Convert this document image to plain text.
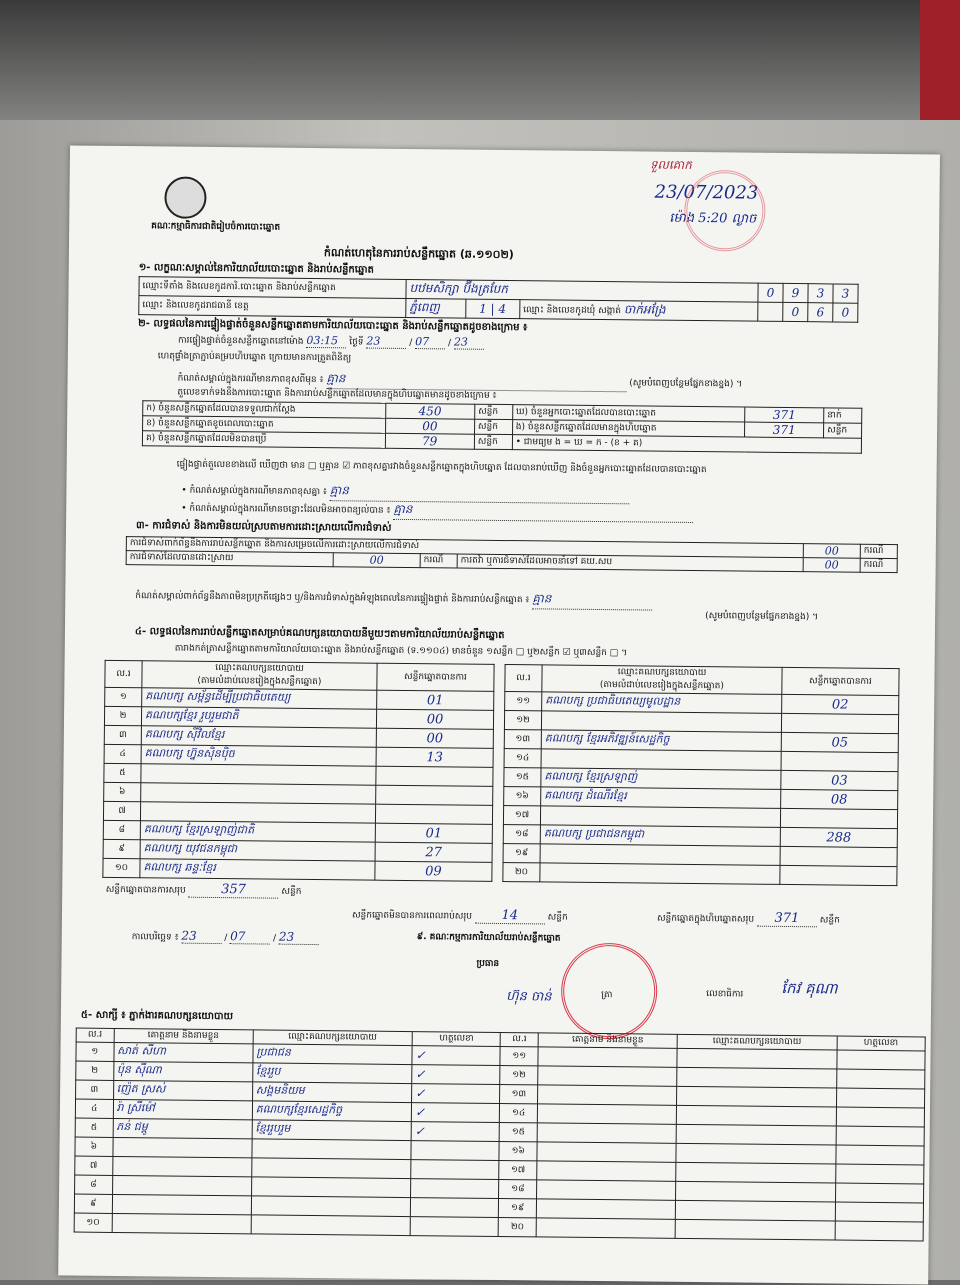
គណៈកម្មាធិការជាតិរៀបចំការបោះឆ្នោត
កំណត់ហេតុនៃការរាប់សន្លឹកឆ្នោត (ឆ.១១០២)
ទួលគោក
23/07/2023
ម៉ោង 5:20 ល្ងាច
១- លក្ខណៈសម្គាល់នៃការិយាល័យបោះឆ្នោត និងរាប់សន្លឹកឆ្នោត
ឈ្មោះទីតាំង និងលេខកូដការិ.បោះឆ្នោត និងរាប់សន្លឹកឆ្នោត	បឋមសិក្សា ប៊ឹងត្របែក			0	9	3	3
ឈ្មោះ និងលេខកូដរាជធានី ខេត្ត	ភ្នំពេញ	1 | 4	ឈ្មោះ និងលេខកូដឃុំ សង្កាត់ ចាក់អង្រែ		0	6	0
២- លទ្ធផលនៃការផ្ទៀងផ្ទាត់ចំនួនសន្លឹកឆ្នោតតាមការិយាល័យបោះឆ្នោត និងរាប់សន្លឹកឆ្នោតដូចខាងក្រោម ៖
ការផ្ទៀងផ្ទាត់ចំនួនសន្លឹកឆ្នោតនៅម៉ោង 03:15 ថ្ងៃទី 23	/ 07 / 23
ហេតុផ្ទាំងត្រាភ្ជាប់គម្របហិបឆ្នោត ក្រោយមានការត្រួតពិនិត្យ
កំណត់សម្គាល់ក្នុងករណីមានភាពខុសពីមុន ៖ គ្មាន	(សូមបំពេញបន្ថែមផ្នែកខាងខ្នង) ។
តួលេខទាក់ទងនឹងការបោះឆ្នោត និងការរាប់សន្លឹកឆ្នោតដែលមានក្នុងហិបឆ្នោតមានដូចខាងក្រោម ៖
ក) ចំនួនសន្លឹកឆ្នោតដែលបានទទួលជាក់ស្តែង	450	សន្លឹក	ឃ) ចំនួនអ្នកបោះឆ្នោតដែលបានបោះឆ្នោត	371	នាក់
ខ) ចំនួនសន្លឹកឆ្នោតខូចពេលបោះឆ្នោត	00	សន្លឹក	ង) ចំនួនសន្លឹកឆ្នោតដែលមានក្នុងហិបឆ្នោត	371	សន្លឹក
គ) ចំនួនសន្លឹកឆ្នោតដែលមិនបានប្រើ	79	សន្លឹក	• ជាមធ្យម ង = ឃ = ក - (ខ + គ)		
ផ្ទៀងផ្ទាត់តួលេខខាងលើ ឃើញថា មាន □ ឬគ្មាន ☑ ភាពខុសគ្នារវាងចំនួនសន្លឹកឆ្នោតក្នុងហិបឆ្នោត ដែលបានរាប់ឃើញ និងចំនួនអ្នកបោះឆ្នោតដែលបានបោះឆ្នោត
• កំណត់សម្គាល់ក្នុងករណីមានភាពខុសគ្នា ៖ គ្មាន
• កំណត់សម្គាល់ក្នុងករណីមានចន្លោះដែលមិនអាចពន្យល់បាន ៖ គ្មាន
៣- ការជំទាស់ និងការមិនយល់ស្របតាមការដោះស្រាយលើការជំទាស់
ការជំទាស់ពាក់ព័ន្ធនឹងការរាប់សន្លឹកឆ្នោត និងការសម្រេចលើការដោះស្រាយលើការជំទាស់				00	ករណី
ការជំទាស់ដែលបានដោះស្រាយ	00	ករណី	ការតវ៉ា ឬការជំទាស់ដែលអាចនាំទៅ គឃ.សប	00	ករណី
កំណត់សម្គាល់ពាក់ព័ន្ធនឹងភាពមិនប្រក្រតីផ្សេងៗ ឬ/និងការជំទាស់ក្នុងអំឡុងពេលនៃការផ្ទៀងផ្ទាត់ និងការរាប់សន្លឹកឆ្នោត ៖ គ្មាន
(សូមបំពេញបន្ថែមផ្នែកខាងខ្នង) ។
៤- លទ្ធផលនៃការរាប់សន្លឹកឆ្នោតសម្រាប់គណបក្សនយោបាយនីមួយៗតាមការិយាល័យរាប់សន្លឹកឆ្នោត
តារាងកត់ត្រាសន្លឹកឆ្នោតតាមការិយាល័យបោះឆ្នោត និងរាប់សន្លឹកឆ្នោត (ទ.១១០៤) មានចំនួន ១សន្លឹក □ ឬ២សន្លឹក ☑ ឬ៣សន្លឹក □ ។
ល.រ	ឈ្មោះគណបក្សនយោបាយ
(តាមលំដាប់លេខរៀងក្នុងសន្លឹកឆ្នោត)	សន្លឹកឆ្នោតបានការ
១	គណបក្ស សម្ព័ន្ធដើម្បីប្រជាធិបតេយ្យ	01
២	គណបក្សខ្មែរ រួបរួមជាតិ	00
៣	គណបក្ស ស៊ីវិលខ្មែរ	00
៤	គណបក្ស ហ្វ៊ុនស៊ិនប៉ិច	13
៥		
៦		
៧		
៨	គណបក្ស ខ្មែរស្រឡាញ់ជាតិ	01
៩	គណបក្ស យុវជនកម្ពុជា	27
១០	គណបក្ស ឆន្ទៈខ្មែរ	09
សន្លឹកឆ្នោតបានការសរុប 357 សន្លឹក		
ល.រ	ឈ្មោះគណបក្សនយោបាយ
(តាមលំដាប់លេខរៀងក្នុងសន្លឹកឆ្នោត)	សន្លឹកឆ្នោតបានការ
១១	គណបក្ស ប្រជាធិបតេយ្យមូលដ្ឋាន	02
១២		
១៣	គណបក្ស ខ្មែរអភិវឌ្ឍន៍សេដ្ឋកិច្ច	05
១៤		
១៥	គណបក្ស ខ្មែរស្រឡាញ់	03
១៦	គណបក្ស ដំណើរខ្មែរ	08
១៧		
១៨	គណបក្ស ប្រជាជនកម្ពុជា	288
១៩		
២០		
សន្លឹកឆ្នោតមិនបានការពេលរាប់សរុប 14	សន្លឹក	សន្លឹកឆ្នោតក្នុងហិបឆ្នោតសរុប 371 សន្លឹក
កាលបរិច្ឆេទ ៖ 23	/ 07	/ 23	៩. គណៈកម្មការការិយាល័យរាប់សន្លឹកឆ្នោត
ប្រធាន
ហ៊ុន ចាន់	ត្រា	លេខាធិការ	កែវ គុណា
៥- សាក្សី ៖ ភ្នាក់ងារគណបក្សនយោបាយ
ល.រ	គោត្តនាម និងនាមខ្លួន	ឈ្មោះគណបក្សនយោបាយ	ហត្ថលេខា	ល.រ	គោត្តនាម និងនាមខ្លួន	ឈ្មោះគណបក្សនយោបាយ	ហត្ថលេខា
១	សាត់ សីហា	ប្រជាជន	✓	១១			
២	ប៉ុន ស៊ីណា	ខ្មែររួប	✓	១២			
៣	ញ៉េត ស្រស់	សង្គមនិយម	✓	១៣			
៤	រ៉ា ស្រីម៉ៅ	គណបក្សខ្មែរសេដ្ឋកិច្ច	✓	១៤			
៥	ភន់ ជម្ពូ	ខ្មែររួបរួម	✓	១៥			
៦				១៦			
៧				១៧			
៨				១៨			
៩				១៩			
១០				២០			
